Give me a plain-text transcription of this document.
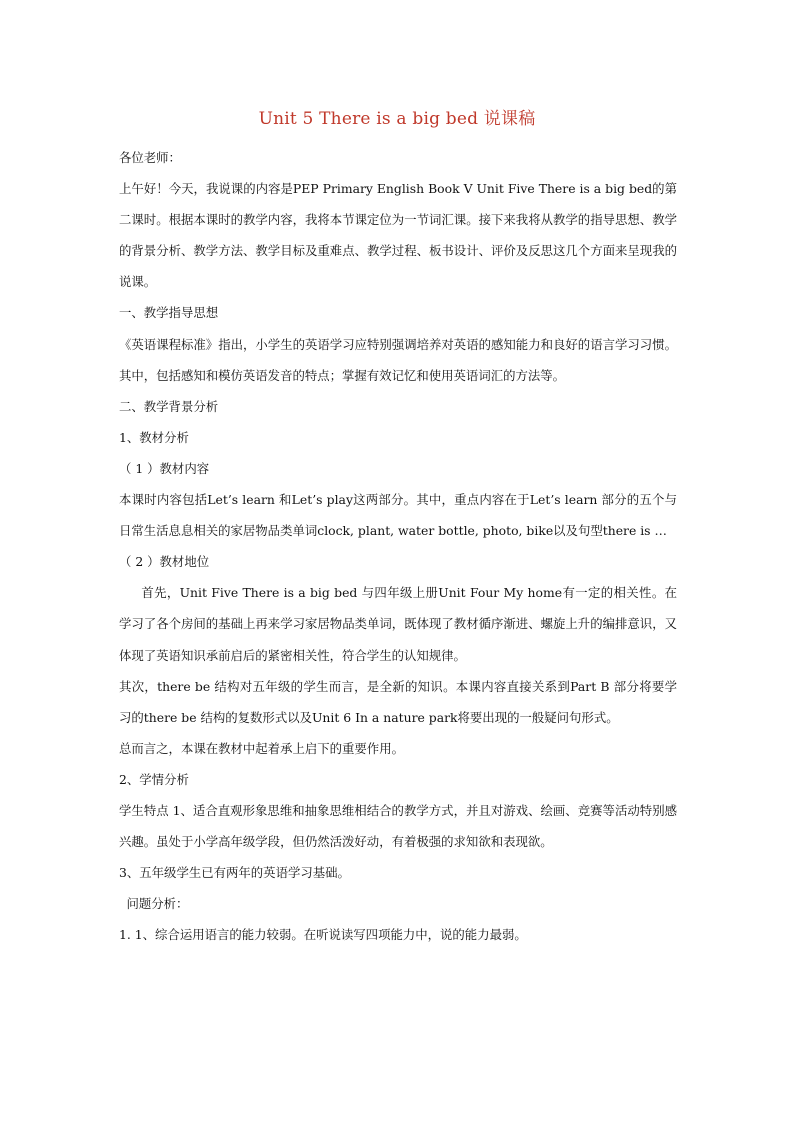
Unit 5 There is a big bed 说课稿

各位老师：

上午好！今天，我说课的内容是PEP Primary English Book V Unit Five There is a big bed的第二课时。根据本课时的教学内容，我将本节课定位为一节词汇课。接下来我将从教学的指导思想、教学的背景分析、教学方法、教学目标及重难点、教学过程、板书设计、评价及反思这几个方面来呈现我的说课。

一、教学指导思想

《英语课程标准》指出，小学生的英语学习应特别强调培养对英语的感知能力和良好的语言学习习惯。其中，包括感知和模仿英语发音的特点；掌握有效记忆和使用英语词汇的方法等。

二、教学背景分析

1、教材分析

（ 1 ）教材内容

本课时内容包括Let’s learn 和Let’s play这两部分。其中，重点内容在于Let’s learn 部分的五个与日常生活息息相关的家居物品类单词clock, plant, water bottle, photo, bike以及句型there is …

（ 2 ）教材地位

首先，Unit Five There is a big bed 与四年级上册Unit Four My home有一定的相关性。在学习了各个房间的基础上再来学习家居物品类单词，既体现了教材循序渐进、螺旋上升的编排意识，又体现了英语知识承前启后的紧密相关性，符合学生的认知规律。

其次，there be 结构对五年级的学生而言，是全新的知识。本课内容直接关系到Part B 部分将要学习的there be 结构的复数形式以及Unit 6 In a nature park将要出现的一般疑问句形式。

总而言之，本课在教材中起着承上启下的重要作用。

2、学情分析

学生特点 1、适合直观形象思维和抽象思维相结合的教学方式，并且对游戏、绘画、竞赛等活动特别感兴趣。虽处于小学高年级学段，但仍然活泼好动，有着极强的求知欲和表现欲。

3、五年级学生已有两年的英语学习基础。

问题分析：

1. 1、综合运用语言的能力较弱。在听说读写四项能力中，说的能力最弱。
